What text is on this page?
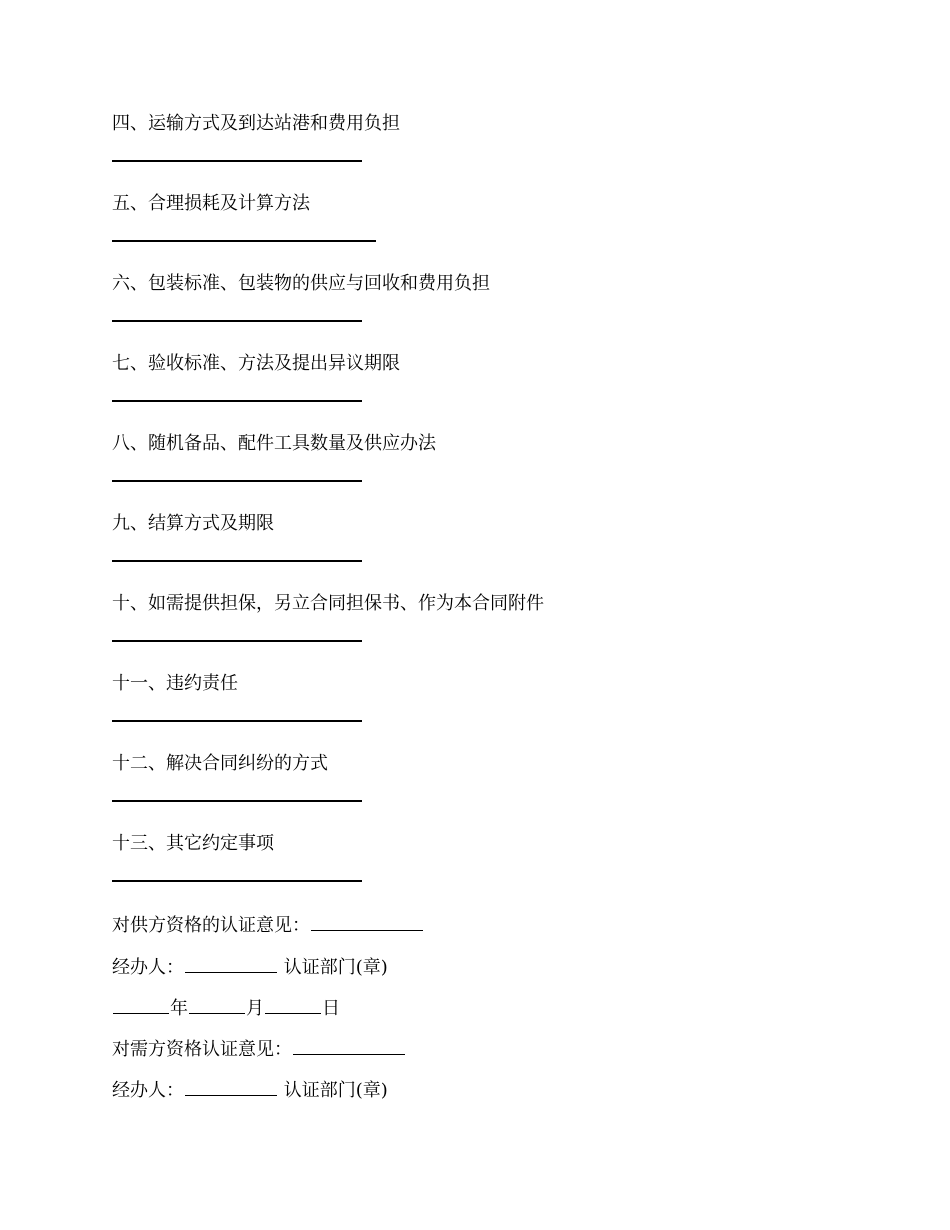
四、运输方式及到达站港和费用负担
五、合理损耗及计算方法
六、包装标准、包装物的供应与回收和费用负担
七、验收标准、方法及提出异议期限
八、随机备品、配件工具数量及供应办法
九、结算方式及期限
十、如需提供担保，另立合同担保书、作为本合同附件
十一、违约责任
十二、解决合同纠纷的方式
十三、其它约定事项
对供方资格的认证意见：
经办人：	认证部门(章)
年	月	日
对需方资格认证意见：
经办人：	认证部门(章)
